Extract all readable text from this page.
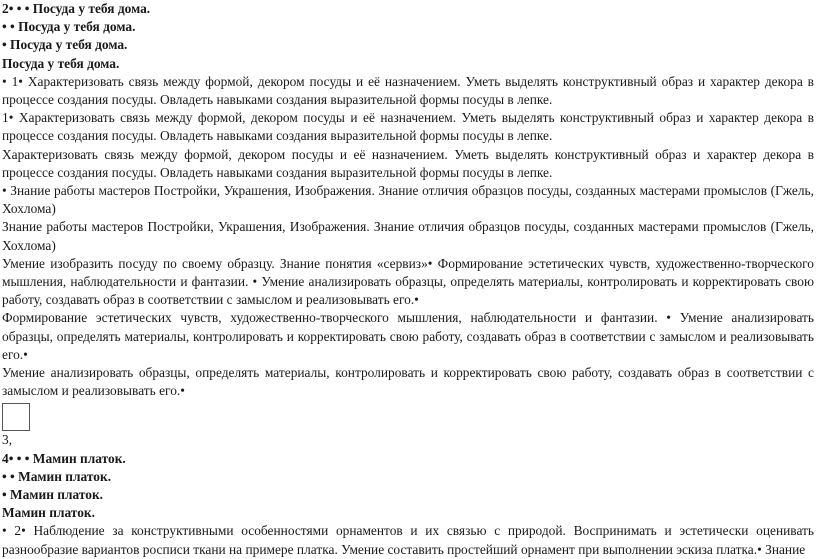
2• • • Посуда у тебя дома.
• • Посуда у тебя дома.
• Посуда у тебя дома.
Посуда у тебя дома.
• 1• Характеризовать связь между формой, декором посуды и её назначением. Уметь выделять конструктивный образ и характер декора в процессе создания посуды. Овладеть навыками создания выразительной формы посуды в лепке.
1• Характеризовать связь между формой, декором посуды и её назначением. Уметь выделять конструктивный образ и характер декора в процессе создания посуды. Овладеть навыками создания выразительной формы посуды в лепке.
Характеризовать связь между формой, декором посуды и её назначением. Уметь выделять конструктивный образ и характер декора в процессе создания посуды. Овладеть навыками создания выразительной формы посуды в лепке.
• Знание работы мастеров Постройки, Украшения, Изображения. Знание отличия образцов посуды, созданных мастерами промыслов (Гжель, Хохлома)
Знание работы мастеров Постройки, Украшения, Изображения. Знание отличия образцов посуды, созданных мастерами промыслов (Гжель, Хохлома)
Умение изобразить посуду по своему образцу. Знание понятия «сервиз»• Формирование эстетических чувств, художественно-творческого мышления, наблюдательности и фантазии. • Умение анализировать образцы, определять материалы, контролировать и корректировать свою работу, создавать образ в соответствии с замыслом и реализовывать его.•
Формирование эстетических чувств, художественно-творческого мышления, наблюдательности и фантазии. • Умение анализировать образцы, определять материалы, контролировать и корректировать свою работу, создавать образ в соответствии с замыслом и реализовывать его.•
Умение анализировать образцы, определять материалы, контролировать и корректировать свою работу, создавать образ в соответствии с замыслом и реализовывать его.•
3,
4• • • Мамин платок.
• • Мамин платок.
• Мамин платок.
Мамин платок.
• 2• Наблюдение за конструктивными особенностями орнаментов и их связью с природой. Воспринимать и эстетически оценивать разнообразие вариантов росписи ткани на примере платка. Умение составить простейший орнамент при выполнении эскиза платка.• Знание
